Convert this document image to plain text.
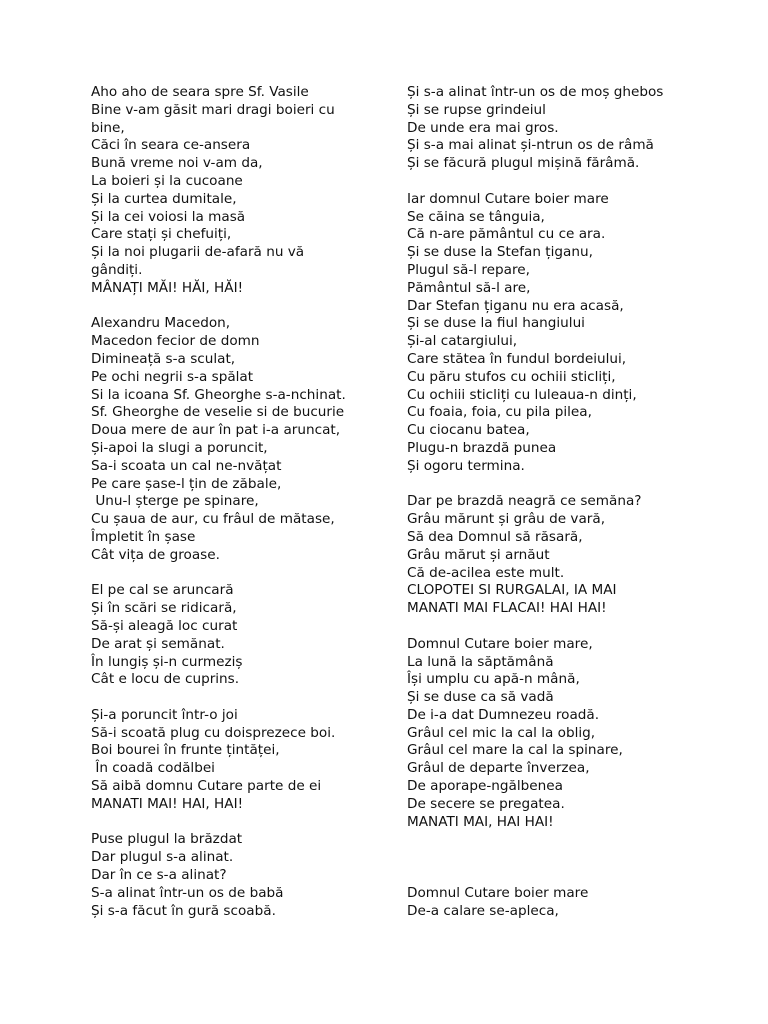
Aho aho de seara spre Sf. Vasile
Bine v-am găsit mari dragi boieri cu
bine,
Căci în seara ce-ansera
Bună vreme noi v-am da,
La boieri și la cucoane
Și la curtea dumitale,
Și la cei voiosi la masă
Care stați și chefuiți,
Și la noi plugarii de-afară nu vă
gândiți.
MÂNAȚI MĂI! HĂI, HĂI!
Alexandru Macedon,
Macedon fecior de domn
Dimineață s-a sculat,
Pe ochi negrii s-a spălat
Si la icoana Sf. Gheorghe s-a-nchinat.
Sf. Gheorghe de veselie si de bucurie
Doua mere de aur în pat i-a aruncat,
Și-apoi la slugi a poruncit,
Sa-i scoata un cal ne-nvățat
Pe care șase-l țin de zăbale,
Unu-l șterge pe spinare,
Cu șaua de aur, cu frâul de mătase,
Împletit în șase
Cât vița de groase.
El pe cal se aruncară
Și în scări se ridicară,
Să-și aleagă loc curat
De arat și semănat.
În lungiș și-n curmeziș
Cât e locu de cuprins.
Și-a poruncit într-o joi
Să-i scoată plug cu doisprezece boi.
Boi bourei în frunte țintăței,
În coadă codălbei
Să aibă domnu Cutare parte de ei
MANATI MAI! HAI, HAI!
Puse plugul la brăzdat
Dar plugul s-a alinat.
Dar în ce s-a alinat?
S-a alinat într-un os de babă
Și s-a făcut în gură scoabă.
Și s-a alinat într-un os de moș ghebos
Și se rupse grindeiul
De unde era mai gros.
Și s-a mai alinat și-ntrun os de râmă
Și se făcură plugul mișină fărâmă.
Iar domnul Cutare boier mare
Se căina se tânguia,
Că n-are pământul cu ce ara.
Și se duse la Stefan țiganu,
Plugul să-l repare,
Pământul să-l are,
Dar Stefan țiganu nu era acasă,
Și se duse la fiul hangiului
Și-al catargiului,
Care stătea în fundul bordeiului,
Cu păru stufos cu ochiii sticliți,
Cu ochiii sticliți cu luleaua-n dinți,
Cu foaia, foia, cu pila pilea,
Cu ciocanu batea,
Plugu-n brazdă punea
Și ogoru termina.
Dar pe brazdă neagră ce semăna?
Grâu mărunt și grâu de vară,
Să dea Domnul să răsară,
Grâu mărut și arnăut
Că de-acilea este mult.
CLOPOTEI SI RURGALAI, IA MAI
MANATI MAI FLACAI! HAI HAI!
Domnul Cutare boier mare,
La lună la săptămână
Își umplu cu apă-n mână,
Și se duse ca să vadă
De i-a dat Dumnezeu roadă.
Grâul cel mic la cal la oblig,
Grâul cel mare la cal la spinare,
Grâul de departe înverzea,
De aporape-ngălbenea
De secere se pregatea.
MANATI MAI, HAI HAI!
Domnul Cutare boier mare
De-a calare se-apleca,
